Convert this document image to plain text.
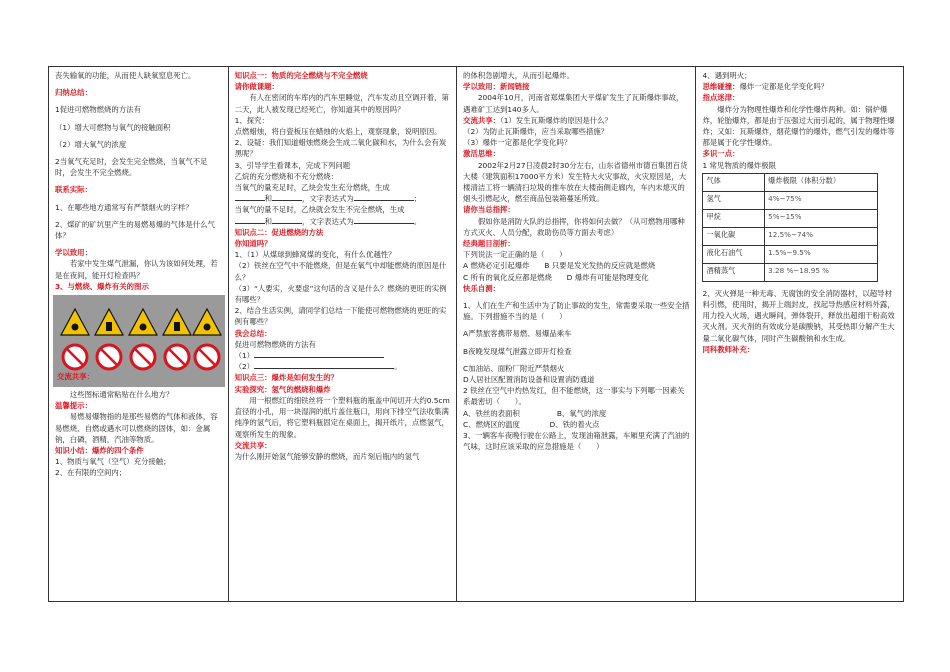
丧失输氧的功能，从而使人缺氧窒息死亡。

归纳总结：

1促进可燃物燃烧的方法有

（1）增大可燃物与氧气的接触面积

（2）增大氧气的浓度

2当氧气充足时，会发生完全燃烧，当氧气不足时，会发生不完全燃烧。

联系实际：

1、在哪些地方通常写有严禁烟火的字样？

2、煤矿的矿坑里产生的易燃易爆的气体是什么气体？

学以致用：

若家中发生煤气泄漏，你认为该如何处理，若是在夜间，能开灯检查吗？

3、与燃烧、爆炸有关的图示

交流共享：

这些图标通常粘贴在什么地方？

温馨提示：

易燃易爆物指的是那些易燃的气体和液体，容易燃烧、自燃或遇水可以燃烧的固体，如：金属钠，白磷，酒精，汽油等物质。

知识小结：爆炸的四个条件

1、物质与氧气（空气）充分接触；

2、在有限的空间内；

知识点一：物质的完全燃烧与不完全燃烧

请你做课题：

有人在密闭的车库内的汽车里睡觉，汽车发动且空调开着，第二天，此人被发现已经死亡，你知道其中的原因吗？

1、探究：

点燃蜡烛，将白瓷板压在蜡烛的火焰上，观察现象，说明原因。

2、设疑：我们知道蜡烛燃烧会生成二氧化碳和水，为什么会有炭黑呢？

3、引导学生看课本，完成下列问题

乙烷的充分燃烧和不充分燃烧：

当氧气的量充足时，乙炔会发生充分燃烧，生成

和	，文字表达式为	；

当氧气的量不足时，乙炔就会发生不完全燃烧，生成

和	，文字表达式为	。

知识点二：促进燃烧的方法

你知道吗？

1、（1）从煤球到蜂窝煤的变化，有什么优越性？

（2）铁丝在空气中不能燃烧，但是在氧气中却能燃烧的原因是什么？

（3）“人要实，火要虚”这句话的含义是什么？燃烧的更旺的实例有哪些？

2、结合生活实例，请同学们总结一下能使可燃物燃烧的更旺的实例有哪些？

我会总结：

促进可燃物燃烧的方法有

（1）

（2）	。

知识点三：爆炸是如何发生的？

实验探究：氢气的燃烧和爆炸

用一根燃红的细铁丝将一个塑料瓶的瓶盖中间切开大约0.5cm直径的小孔，用一块湿润的纸片盖住瓶口，用向下排空气法收集满纯净的氢气后，将它塑料瓶固定在桌面上，揭开纸片，点燃氢气，观察所发生的现象。

交流共享：

为什么刚开始氢气能够安静的燃烧，而片刻后瓶内的氢气

的体积急剧增大，从而引起爆炸。

学以致用：新闻链接

2004年10月，河南省郑煤集团大平煤矿发生了瓦斯爆炸事故，遇难矿工达到140多人。

交流共享：（1）发生瓦斯爆炸的原因是什么？

（2）为防止瓦斯爆炸，应当采取哪些措施？

（3）爆炸一定都是化学变化吗？

激活思维：

2002年2月27日凌晨2时30分左右，山东省德州市德百集团百货大楼（建筑面积17000平方米）发生特大火灾事故，火灾原因是，大楼清洁工将一辆清扫垃圾的推车放在大楼南侧走廊内，车内未熄灭的烟头引燃起火，燃至商品包装箱蔓延所致。

请你当总指挥：

假如你是消防大队的总指挥，你将如何去做？（从可燃物用哪种方式灭火、人员分配，救助伤员等方面去考虑）

经典题目剖析：

下列说法一定正确的是（　　）

A 燃烧必定引起爆炸　　 B 只要是发光发热的反应就是燃烧

C 所有的氧化反应都是燃烧　　 D 爆炸有可能是物理变化

快乐自测：

1、人们在生产和生活中为了防止事故的发生，常需要采取一些安全措施。下列措施不当的是（　　）

A严禁旅客携带易燃、易爆品乘车

B夜晚发现煤气泄露立即开灯检查

C加油站、面粉厂附近严禁烟火

D人居社区配置消防设备和设置消防通道

2 铁丝在空气中灼热发红，但不能燃烧，这一事实与下列哪一因素关系最密切（　　）。

A、铁丝的表面积　　　　　	B、氧气的浓度

C、燃烧区的温度　　　　	D、铁的着火点

3、一辆客车夜晚行驶在公路上，发现油箱泄露，车厢里充满了汽油的气味，这时应该采取的应急措施是（　　）

4、遇到明火；

思维碰撞：爆炸一定都是化学变化吗？

指点迷津：

爆炸分为物理性爆炸和化学性爆炸两种。如：锅炉爆炸，轮胎爆炸，都是由于压强过大而引起的，属于物理性爆炸；又如：瓦斯爆炸，烟花爆竹的爆炸，燃气引发的爆炸等都是属于化学性爆炸。

多识一点：

1 常见物质的爆炸极限

气体	爆炸极限（体积分数）
氢气	4%~75%
甲烷	5%~15%
一氧化碳	12.5%~74%
液化石油气	1.5%~9.5%
酒精蒸气	3.28 %~18.95 %

2、灭火弹是一种无毒、无腐蚀的安全消防器材，以超导材料引燃，使用时，揭开上端封皮，找起导热感应材料外露，用力投入火场，遇火瞬间，弹体裂开，释放出超细干粉高效灭火剂。灭火剂的有效成分是碳酸钠，其受热即分解产生大量二氧化碳气体，同时产生碳酸钠和水生成。

同科教师补充：
